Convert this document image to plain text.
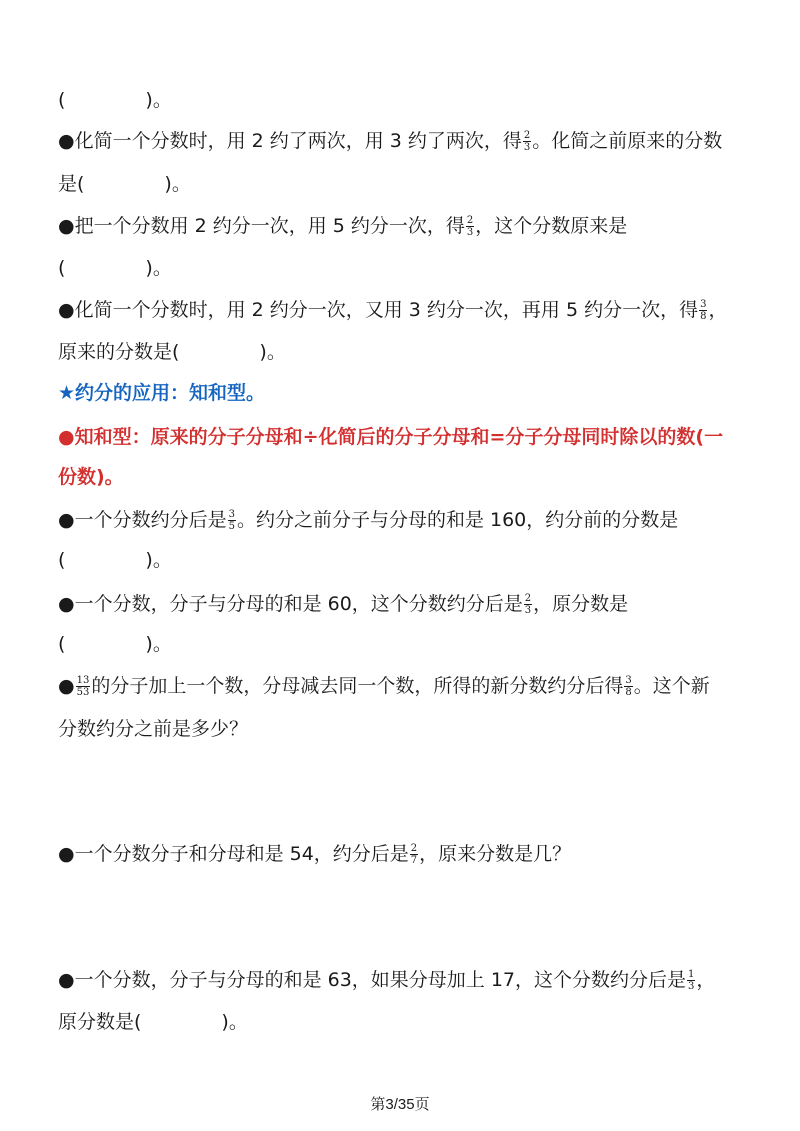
(	)。
●化简一个分数时，用 2 约了两次，用 3 约了两次，得 $\frac{2}{3}$ 。化简之前原来的分数
是(	)。
●把一个分数用 2 约分一次，用 5 约分一次，得 $\frac{2}{3}$ ，这个分数原来是
(	)。
●化简一个分数时，用 2 约分一次，又用 3 约分一次，再用 5 约分一次，得 $\frac{3}{8}$ ，
原来的分数是(	)。
★约分的应用：知和型。
●知和型：原来的分子分母和÷化简后的分子分母和=分子分母同时除以的数(一
份数)。
●一个分数约分后是 $\frac{3}{5}$ 。约分之前分子与分母的和是 160，约分前的分数是
(	)。
●一个分数，分子与分母的和是 60，这个分数约分后是 $\frac{2}{3}$ ，原分数是
(	)。
● $\frac{13}{53}$ 的分子加上一个数，分母减去同一个数，所得的新分数约分后得 $\frac{3}{8}$ 。这个新
分数约分之前是多少？
●一个分数分子和分母和是 54，约分后是 $\frac{2}{7}$ ，原来分数是几？
●一个分数，分子与分母的和是 63，如果分母加上 17，这个分数约分后是 $\frac{1}{3}$ ，
原分数是(	)。
第3/35页
